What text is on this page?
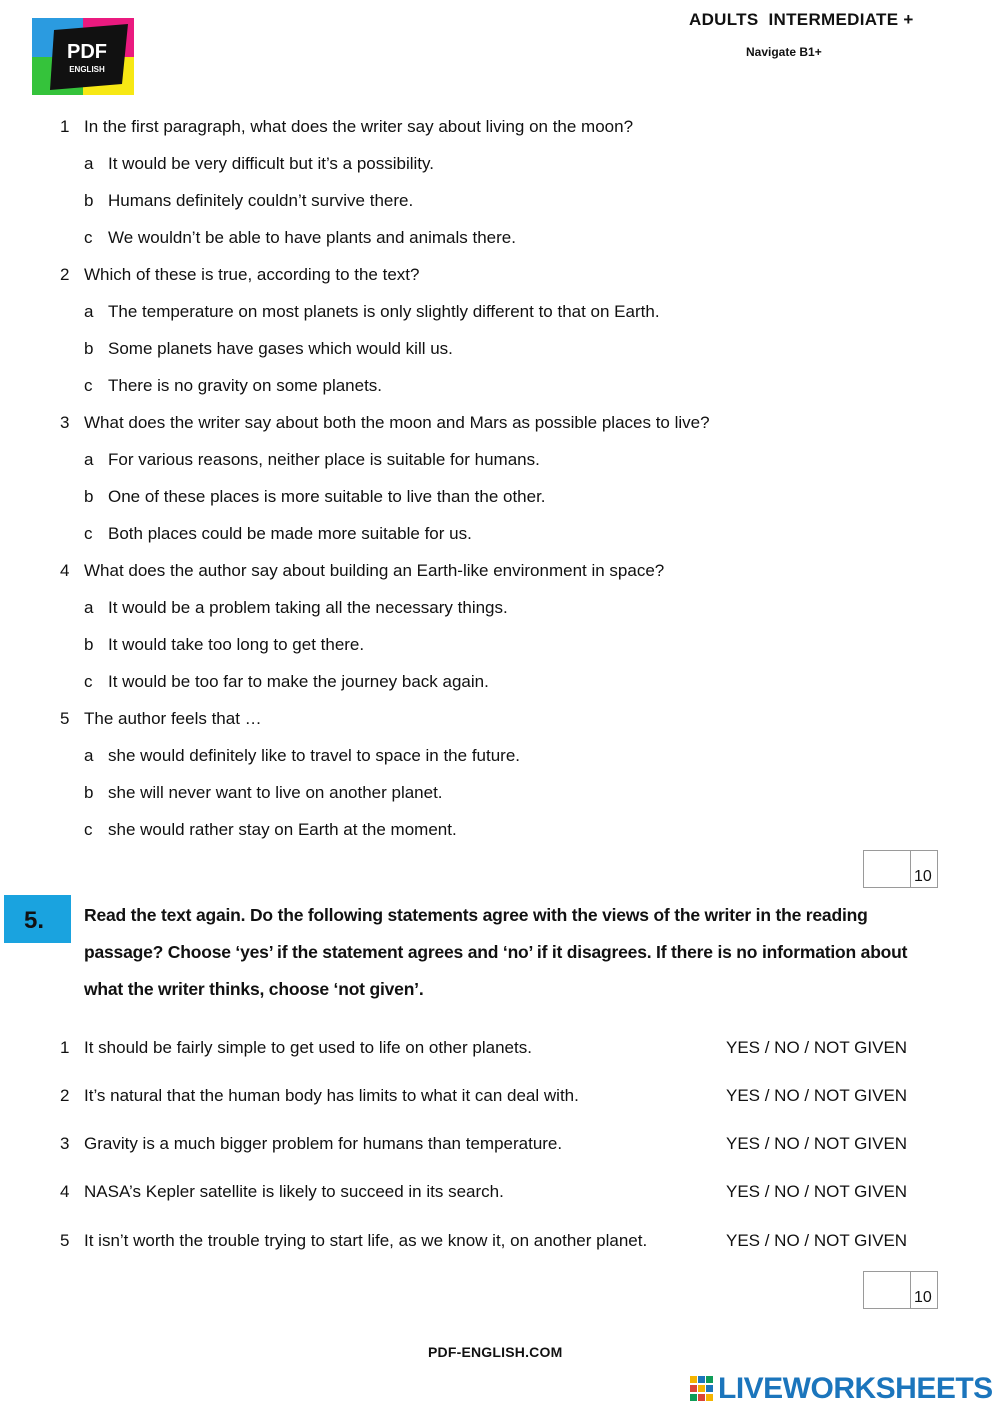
PDF
ENGLISH
ADULTS  INTERMEDIATE +
Navigate B1+
1 In the first paragraph, what does the writer say about living on the moon?
a It would be very difficult but it’s a possibility.
b Humans definitely couldn’t survive there.
c We wouldn’t be able to have plants and animals there.
2 Which of these is true, according to the text?
a The temperature on most planets is only slightly different to that on Earth.
b Some planets have gases which would kill us.
c There is no gravity on some planets.
3 What does the writer say about both the moon and Mars as possible places to live?
a For various reasons, neither place is suitable for humans.
b One of these places is more suitable to live than the other.
c Both places could be made more suitable for us.
4 What does the author say about building an Earth-like environment in space?
a It would be a problem taking all the necessary things.
b It would take too long to get there.
c It would be too far to make the journey back again.
5 The author feels that …
a she would definitely like to travel to space in the future.
b she will never want to live on another planet.
c she would rather stay on Earth at the moment.
10
5. Read the text again. Do the following statements agree with the views of the writer in the reading passage? Choose ‘yes’ if the statement agrees and ‘no’ if it disagrees. If there is no information about what the writer thinks, choose ‘not given’.
1 It should be fairly simple to get used to life on other planets.	YES / NO / NOT GIVEN
2 It’s natural that the human body has limits to what it can deal with.	YES / NO / NOT GIVEN
3 Gravity is a much bigger problem for humans than temperature.	YES / NO / NOT GIVEN
4 NASA’s Kepler satellite is likely to succeed in its search.	YES / NO / NOT GIVEN
5 It isn’t worth the trouble trying to start life, as we know it, on another planet.	YES / NO / NOT GIVEN
10
PDF-ENGLISH.COM
LIVEWORKSHEETS
